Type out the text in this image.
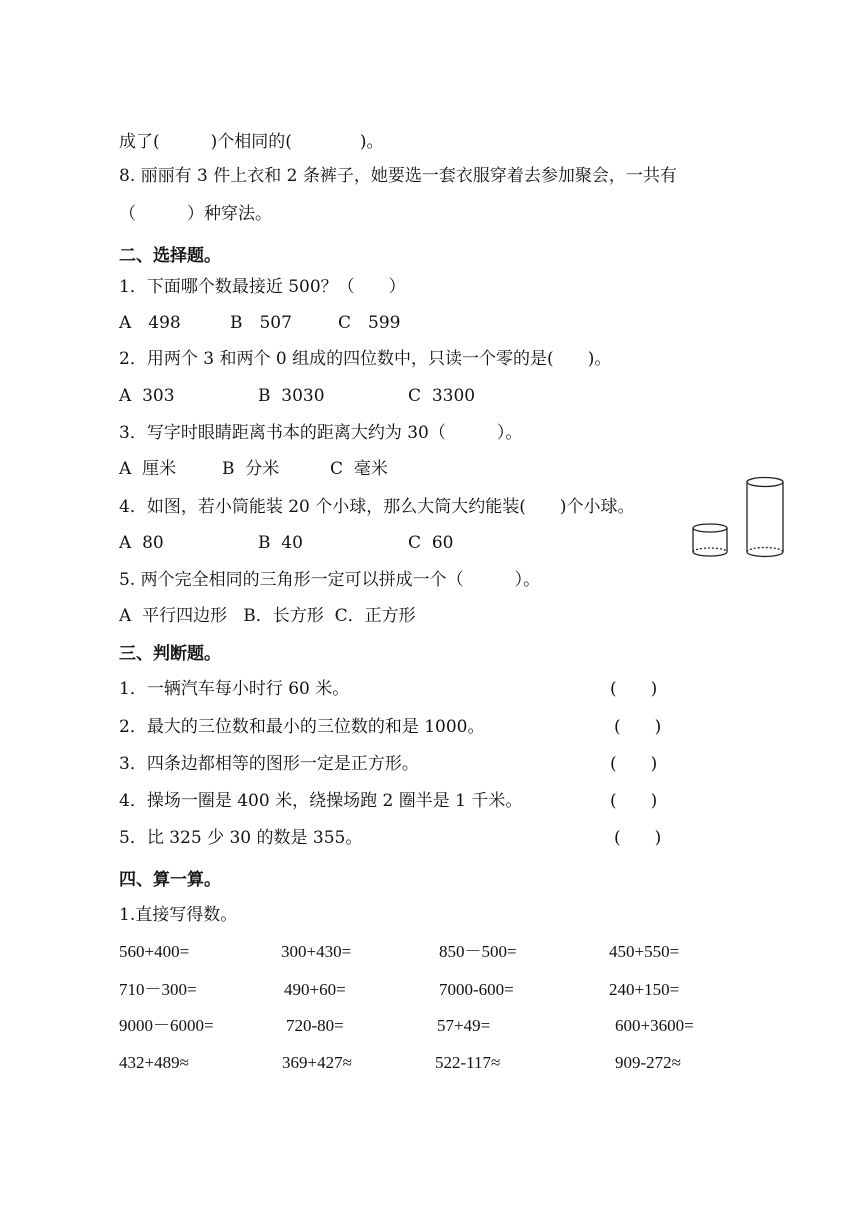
成了(　　　)个相同的(　　　　)。
8. 丽丽有 3 件上衣和 2 条裤子，她要选一套衣服穿着去参加聚会，一共有
（　　　）种穿法。
二、选择题。
1．下面哪个数最接近 500？（　　）
A　498	B　507	C　599
2．用两个 3 和两个 0 组成的四位数中，只读一个零的是(　　)。
A  303	B  3030	C  3300
3．写字时眼睛距离书本的距离大约为 30（　　　）。
A  厘米	B  分米	C  毫米
4．如图，若小筒能装 20 个小球，那么大筒大约能装(　　)个小球。
A  80	B  40	C  60
5. 两个完全相同的三角形一定可以拼成一个（　　　）。
A  平行四边形   B．长方形  C．正方形
三、判断题。
1．一辆汽车每小时行 60 米。	(　　)
2．最大的三位数和最小的三位数的和是 1000。	(　　)
3．四条边都相等的图形一定是正方形。	(　　)
4．操场一圈是 400 米，绕操场跑 2 圈半是 1 千米。	(　　)
5．比 325 少 30 的数是 355。	(　　)
四、算一算。
1.直接写得数。
560+400=	300+430=	850－500=	450+550=
710－300=	490+60=	7000-600=	240+150=
9000－6000=	720-80=	57+49=	600+3600=
432+489≈	369+427≈	522-117≈	909-272≈
